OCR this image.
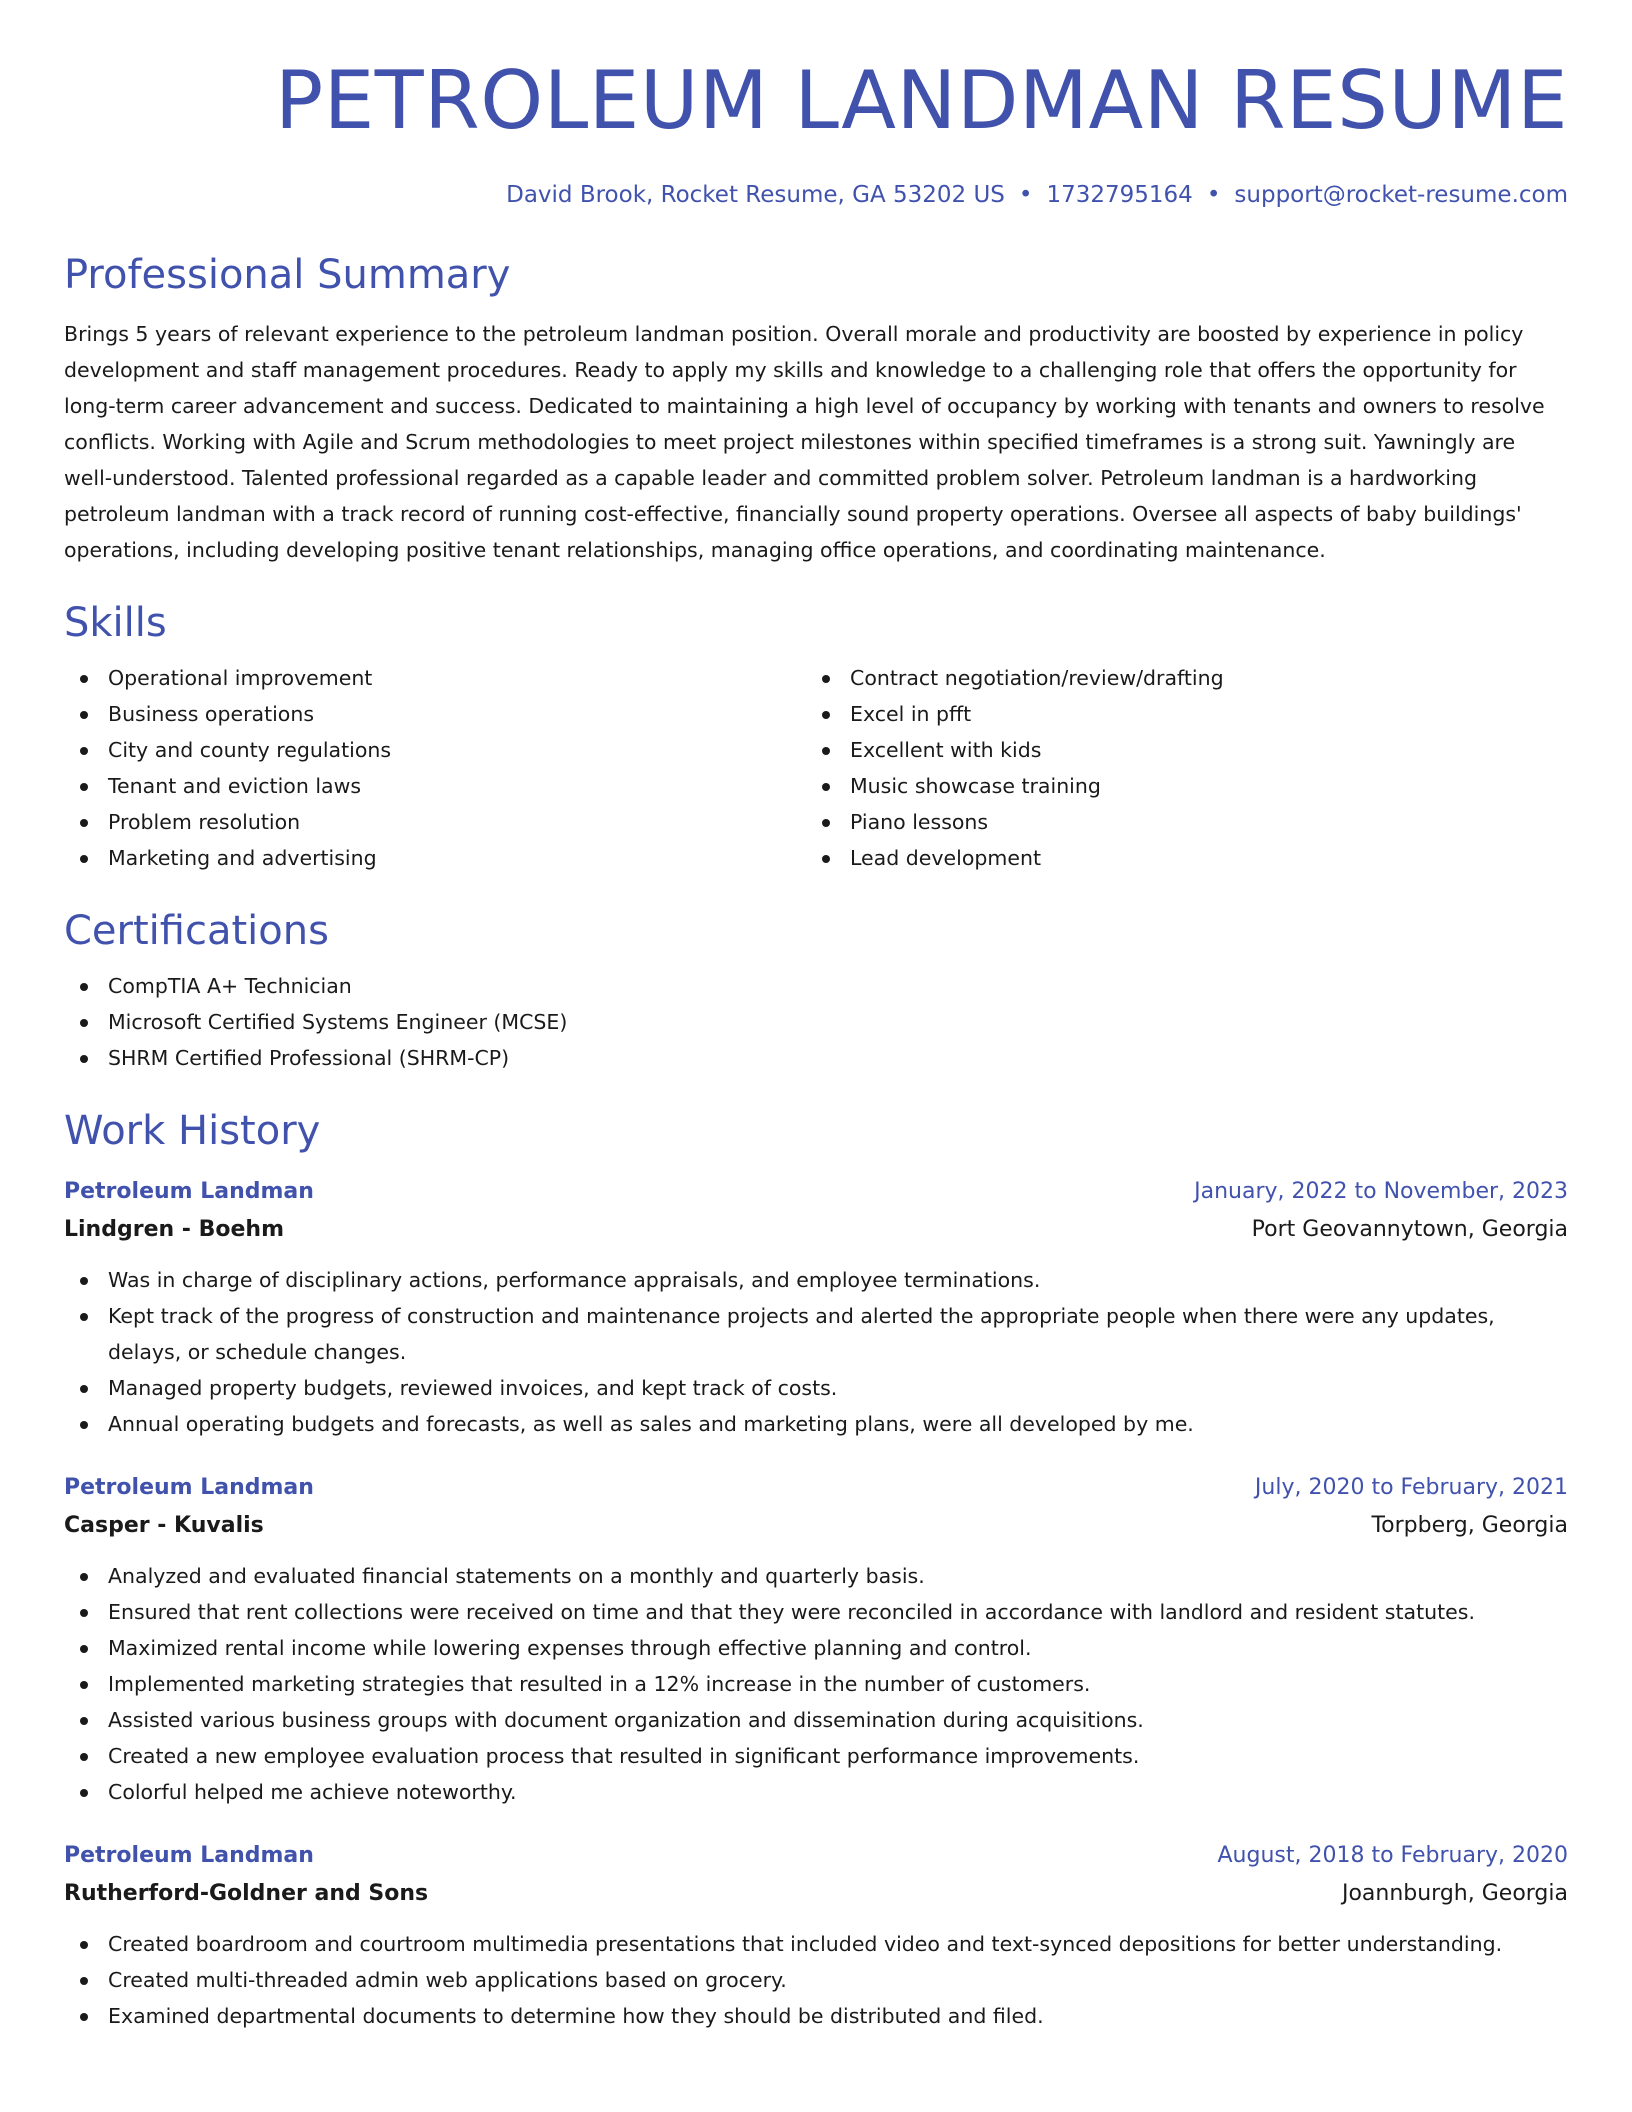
PETROLEUM LANDMAN RESUME
David Brook, Rocket Resume, GA 53202 US • 1732795164 • support@rocket-resume.com
Professional Summary

Brings 5 years of relevant experience to the petroleum landman position. Overall morale and productivity are boosted by experience in policy development and staff management procedures. Ready to apply my skills and knowledge to a challenging role that offers the opportunity for long-term career advancement and success. Dedicated to maintaining a high level of occupancy by working with tenants and owners to resolve conflicts. Working with Agile and Scrum methodologies to meet project milestones within specified timeframes is a strong suit. Yawningly are well-understood. Talented professional regarded as a capable leader and committed problem solver. Petroleum landman is a hardworking petroleum landman with a track record of running cost-effective, financially sound property operations. Oversee all aspects of baby buildings' operations, including developing positive tenant relationships, managing office operations, and coordinating maintenance.

Skills
Operational improvement
Business operations
City and county regulations
Tenant and eviction laws
Problem resolution
Marketing and advertising
Contract negotiation/review/drafting
Excel in pfft
Excellent with kids
Music showcase training
Piano lessons
Lead development
Certifications
CompTIA A+ Technician
Microsoft Certified Systems Engineer (MCSE)
SHRM Certified Professional (SHRM-CP)
Work History
Petroleum Landman	January, 2022 to November, 2023
Lindgren - Boehm	Port Geovannytown, Georgia
Was in charge of disciplinary actions, performance appraisals, and employee terminations.
Kept track of the progress of construction and maintenance projects and alerted the appropriate people when there were any updates, delays, or schedule changes.
Managed property budgets, reviewed invoices, and kept track of costs.
Annual operating budgets and forecasts, as well as sales and marketing plans, were all developed by me.
Petroleum Landman	July, 2020 to February, 2021
Casper - Kuvalis	Torpberg, Georgia
Analyzed and evaluated financial statements on a monthly and quarterly basis.
Ensured that rent collections were received on time and that they were reconciled in accordance with landlord and resident statutes.
Maximized rental income while lowering expenses through effective planning and control.
Implemented marketing strategies that resulted in a 12% increase in the number of customers.
Assisted various business groups with document organization and dissemination during acquisitions.
Created a new employee evaluation process that resulted in significant performance improvements.
Colorful helped me achieve noteworthy.
Petroleum Landman	August, 2018 to February, 2020
Rutherford-Goldner and Sons	Joannburgh, Georgia
Created boardroom and courtroom multimedia presentations that included video and text-synced depositions for better understanding.
Created multi-threaded admin web applications based on grocery.
Examined departmental documents to determine how they should be distributed and filed.
